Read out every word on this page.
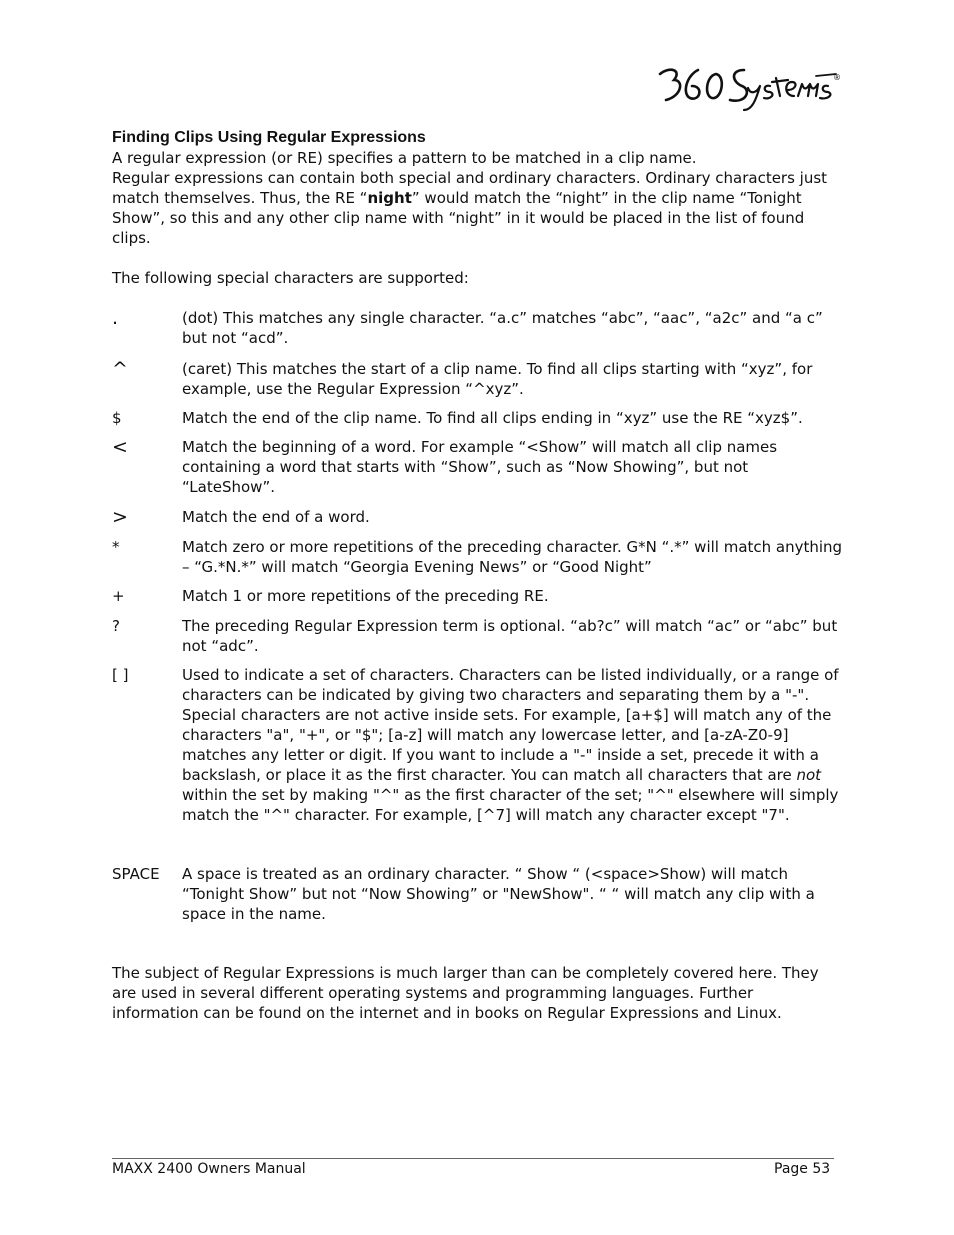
®
Finding Clips Using Regular Expressions

A regular expression (or RE) specifies a pattern to be matched in a clip name.

Regular expressions can contain both special and ordinary characters. Ordinary characters just match themselves. Thus, the RE “night” would match the “night” in the clip name “Tonight Show”, so this and any other clip name with “night” in it would be placed in the list of found clips.

The following special characters are supported:

.	(dot) This matches any single character. “a.c” matches “abc”, “aac”, “a2c” and “a c” but not “acd”.
^	(caret) This matches the start of a clip name. To find all clips starting with “xyz”, for example, use the Regular Expression “^xyz”.
$	Match the end of the clip name. To find all clips ending in “xyz” use the RE “xyz$”.
<	Match the beginning of a word. For example “<Show” will match all clip names containing a word that starts with “Show”, such as “Now Showing”, but not “LateShow”.
>	Match the end of a word.
*	Match zero or more repetitions of the preceding character. G*N “.*” will match anything – “G.*N.*” will match “Georgia Evening News” or “Good Night”
+	Match 1 or more repetitions of the preceding RE.
?	The preceding Regular Expression term is optional. “ab?c” will match “ac” or “abc” but not “adc”.
[ ]	Used to indicate a set of characters. Characters can be listed individually, or a range of characters can be indicated by giving two characters and separating them by a "-". Special characters are not active inside sets. For example, [a+$] will match any of the characters "a", "+", or "$"; [a-z] will match any lowercase letter, and [a-zA-Z0-9] matches any letter or digit. If you want to include a "-" inside a set, precede it with a backslash, or place it as the first character. You can match all characters that are not within the set by making "^" as the first character of the set; "^" elsewhere will simply match the "^" character. For example, [^7] will match any character except "7".
SPACE	A space is treated as an ordinary character. “ Show “ (<space>Show) will match “Tonight Show” but not “Now Showing” or "NewShow". “ “ will match any clip with a space in the name.

The subject of Regular Expressions is much larger than can be completely covered here. They are used in several different operating systems and programming languages. Further information can be found on the internet and in books on Regular Expressions and Linux.

MAXX 2400 Owners Manual	Page 53
